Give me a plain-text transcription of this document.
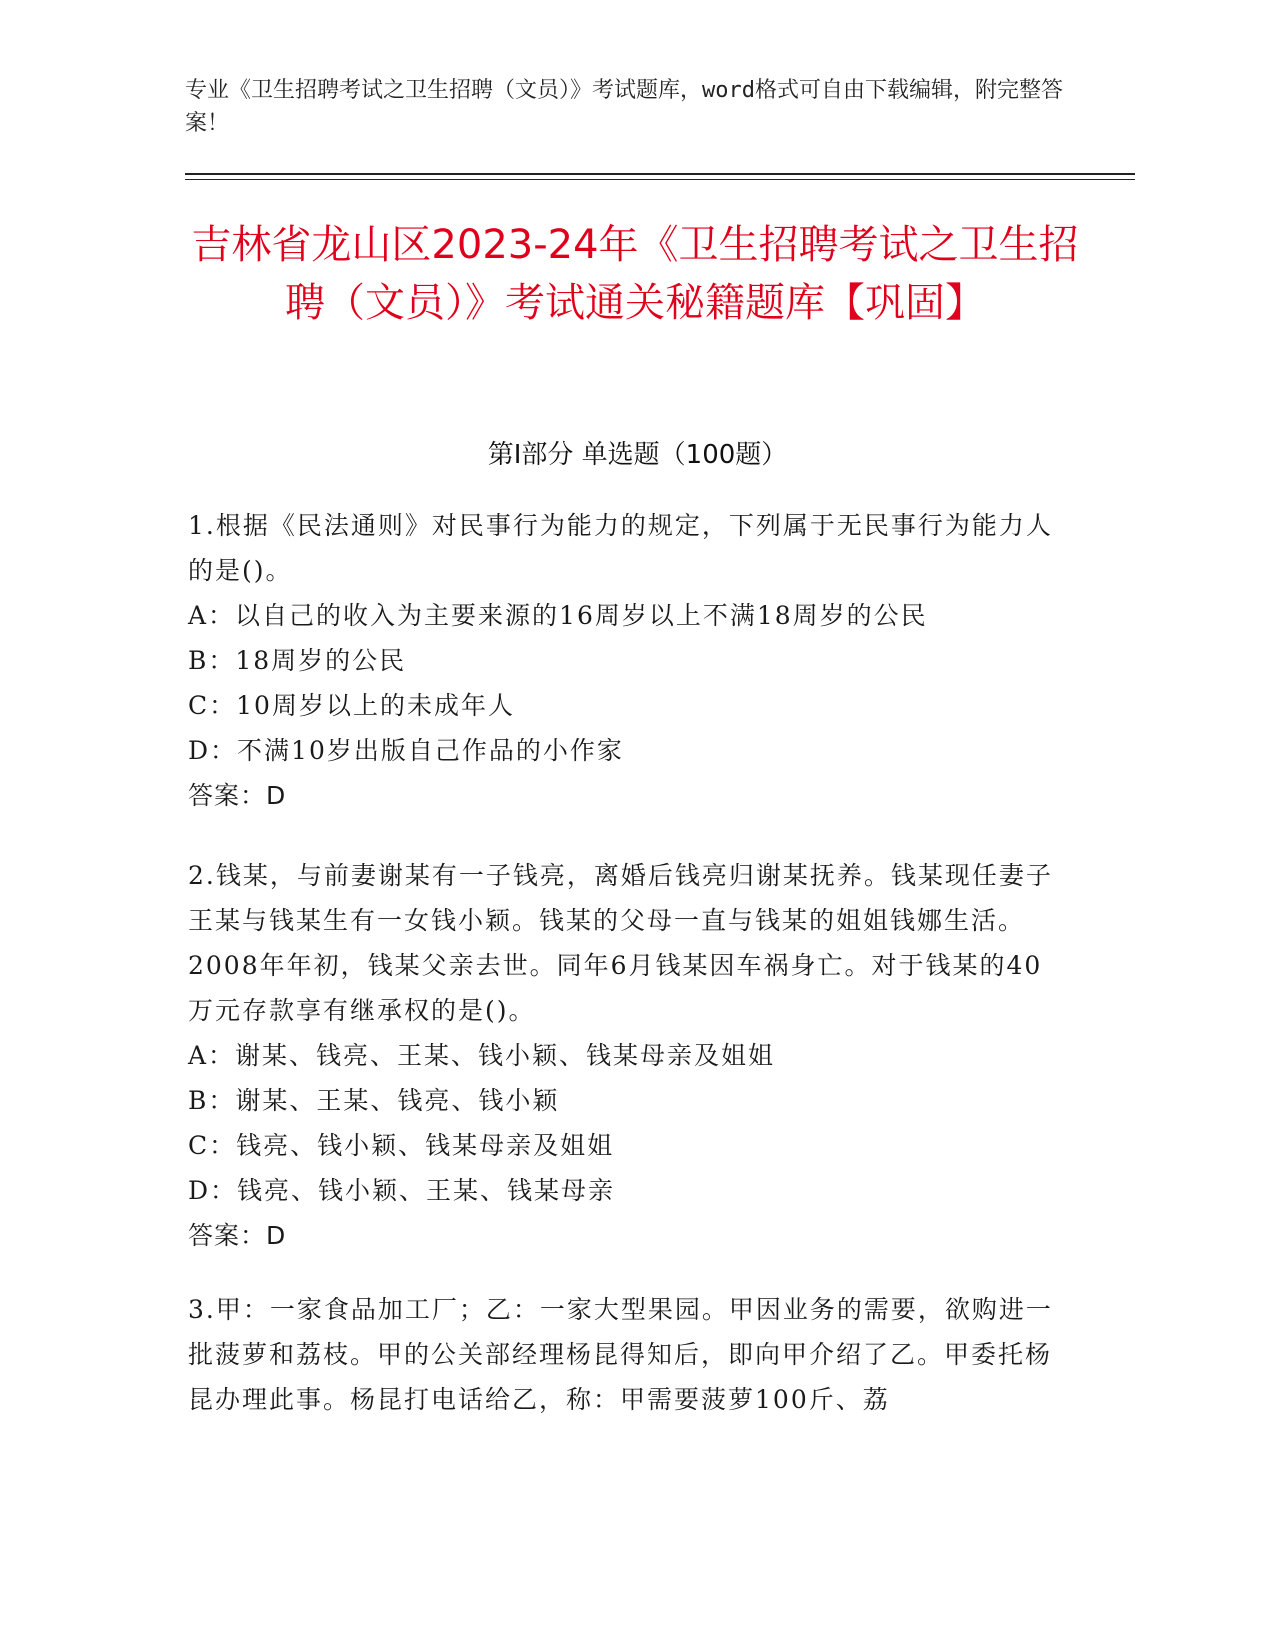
专业《卫生招聘考试之卫生招聘（文员）》考试题库，word格式可自由下载编辑，附完整答案！
吉林省龙山区2023-24年《卫生招聘考试之卫生招聘（文员）》考试通关秘籍题库【巩固】
第Ⅰ部分 单选题（100题）

1.根据《民法通则》对民事行为能力的规定，下列属于无民事行为能力人的是()。

A：以自己的收入为主要来源的16周岁以上不满18周岁的公民

B：18周岁的公民

C：10周岁以上的未成年人

D：不满10岁出版自己作品的小作家

答案：D

2.钱某，与前妻谢某有一子钱亮，离婚后钱亮归谢某抚养。钱某现任妻子王某与钱某生有一女钱小颖。钱某的父母一直与钱某的姐姐钱娜生活。2008年年初，钱某父亲去世。同年6月钱某因车祸身亡。对于钱某的40万元存款享有继承权的是()。

A：谢某、钱亮、王某、钱小颖、钱某母亲及姐姐

B：谢某、王某、钱亮、钱小颖

C：钱亮、钱小颖、钱某母亲及姐姐

D：钱亮、钱小颖、王某、钱某母亲

答案：D

3.甲：一家食品加工厂；乙：一家大型果园。甲因业务的需要，欲购进一批菠萝和荔枝。甲的公关部经理杨昆得知后，即向甲介绍了乙。甲委托杨昆办理此事。杨昆打电话给乙，称：甲需要菠萝100斤、荔
